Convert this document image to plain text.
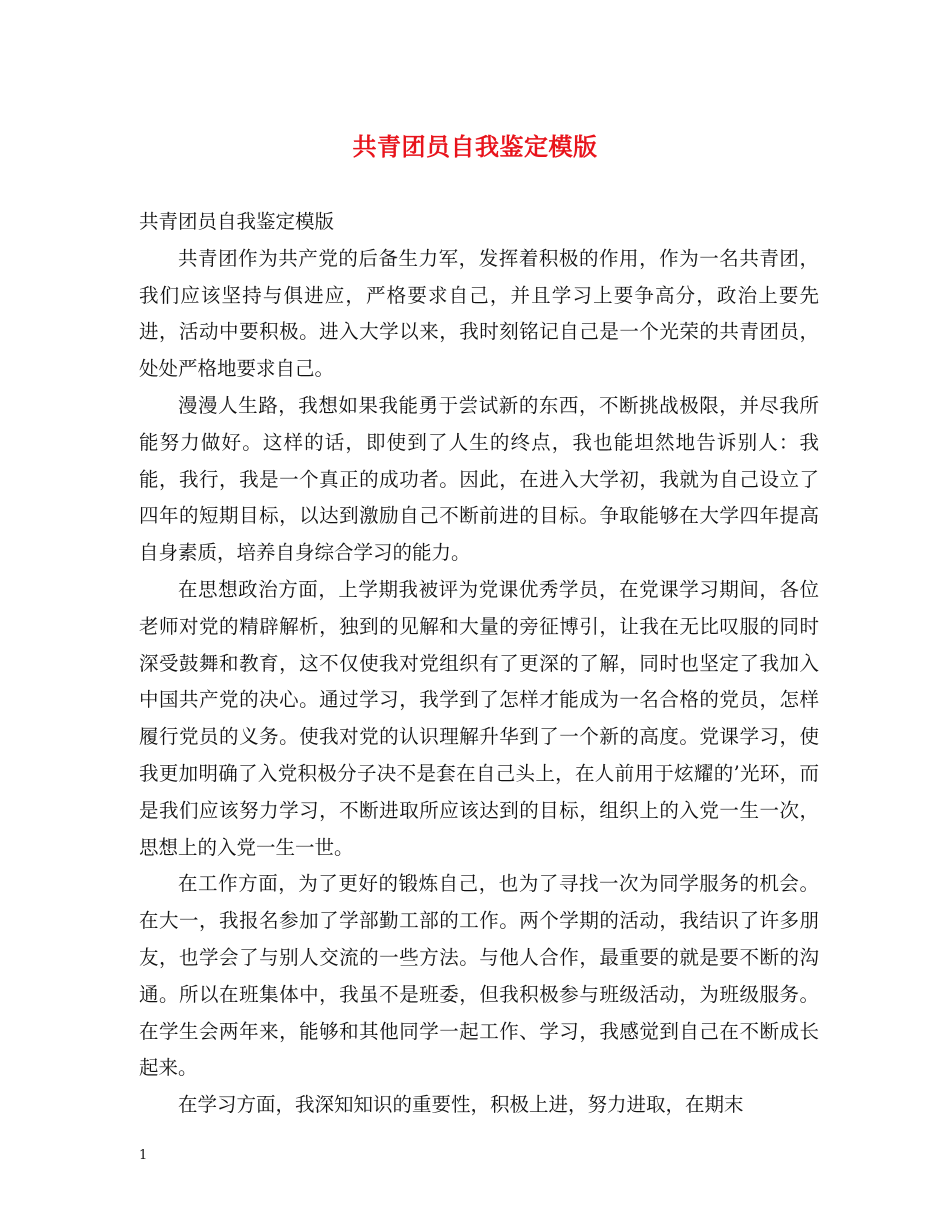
共青团员自我鉴定模版

共青团员自我鉴定模版

共青团作为共产党的后备生力军，发挥着积极的作用，作为一名共青团，我们应该坚持与俱进应，严格要求自己，并且学习上要争高分，政治上要先进，活动中要积极。进入大学以来，我时刻铭记自己是一个光荣的共青团员，处处严格地要求自己。

漫漫人生路，我想如果我能勇于尝试新的东西，不断挑战极限，并尽我所能努力做好。这样的话，即使到了人生的终点，我也能坦然地告诉别人：我能，我行，我是一个真正的成功者。因此，在进入大学初，我就为自己设立了四年的短期目标，以达到激励自己不断前进的目标。争取能够在大学四年提高自身素质，培养自身综合学习的能力。

在思想政治方面，上学期我被评为党课优秀学员，在党课学习期间，各位老师对党的精辟解析，独到的见解和大量的旁征博引，让我在无比叹服的同时深受鼓舞和教育，这不仅使我对党组织有了更深的了解，同时也坚定了我加入中国共产党的决心。通过学习，我学到了怎样才能成为一名合格的党员，怎样履行党员的义务。使我对党的认识理解升华到了一个新的高度。党课学习，使我更加明确了入党积极分子决不是套在自己头上，在人前用于炫耀的’光环，而是我们应该努力学习，不断进取所应该达到的目标，组织上的入党一生一次，思想上的入党一生一世。

在工作方面，为了更好的锻炼自己，也为了寻找一次为同学服务的机会。在大一，我报名参加了学部勤工部的工作。两个学期的活动，我结识了许多朋友，也学会了与别人交流的一些方法。与他人合作，最重要的就是要不断的沟通。所以在班集体中，我虽不是班委，但我积极参与班级活动，为班级服务。在学生会两年来，能够和其他同学一起工作、学习，我感觉到自己在不断成长起来。

在学习方面，我深知知识的重要性，积极上进，努力进取，在期末

1
